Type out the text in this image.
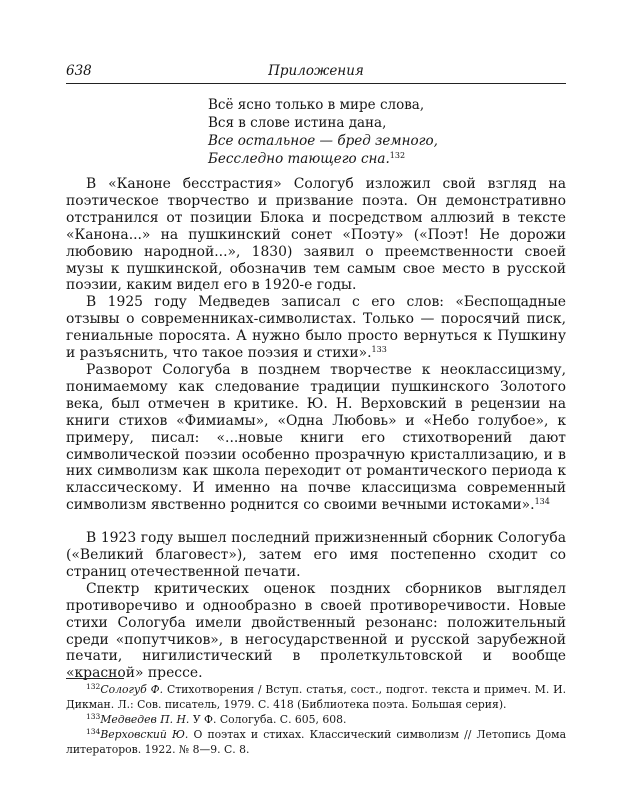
638	Приложения
Всё ясно только в мире слова,
Вся в слове истина дана,
Все остальное — бред земного,
Бесследно тающего сна.$^{132}$

В «Каноне бесстрастия» Сологуб изложил свой взгляд на поэтическое творчество и призвание поэта. Он демонстративно отстранился от позиции Блока и посредством аллюзий в тексте «Канона...» на пушкинский сонет «Поэту» («Поэт! Не дорожи любовию народной...», 1830) заявил о преемственности своей музы к пушкинской, обозначив тем самым свое место в русской поэзии, каким видел его в 1920-е годы.

В 1925 году Медведев записал с его слов: «Беспощадные отзывы о современниках-символистах. Только — поросячий писк, гениальные поросята. А нужно было просто вернуться к Пушкину и разъяснить, что такое поэзия и стихи».$^{133}$

Разворот Сологуба в позднем творчестве к неоклассицизму, понимаемому как следование традиции пушкинского Золотого века, был отмечен в критике. Ю. Н. Верховский в рецензии на книги стихов «Фимиамы», «Одна Любовь» и «Небо голубое», к примеру, писал: «...новые книги его стихотворений дают символической поэзии особенно прозрачную кристаллизацию, и в них символизм как школа переходит от романтического периода к классическому. И именно на почве классицизма современный символизм явственно роднится со своими вечными истоками».$^{134}$

В 1923 году вышел последний прижизненный сборник Сологуба («Великий благовест»), затем его имя постепенно сходит со страниц отечественной печати.

Спектр критических оценок поздних сборников выглядел противоречиво и однообразно в своей противоречивости. Новые стихи Сологуба имели двойственный резонанс: положительный среди «попутчиков», в негосударственной и русской зарубежной печати, нигилистический в пролеткультовской и вообще «красной» прессе.

$^{132}$Сологуб Ф. Стихотворения / Вступ. статья, сост., подгот. текста и примеч. М. И. Дикман. Л.: Сов. писатель, 1979. С. 418 (Библиотека поэта. Большая серия).

$^{133}$Медведев П. Н. У Ф. Сологуба. С. 605, 608.

$^{134}$Верховский Ю. О поэтах и стихах. Классический символизм // Летопись Дома литераторов. 1922. № 8—9. С. 8.
